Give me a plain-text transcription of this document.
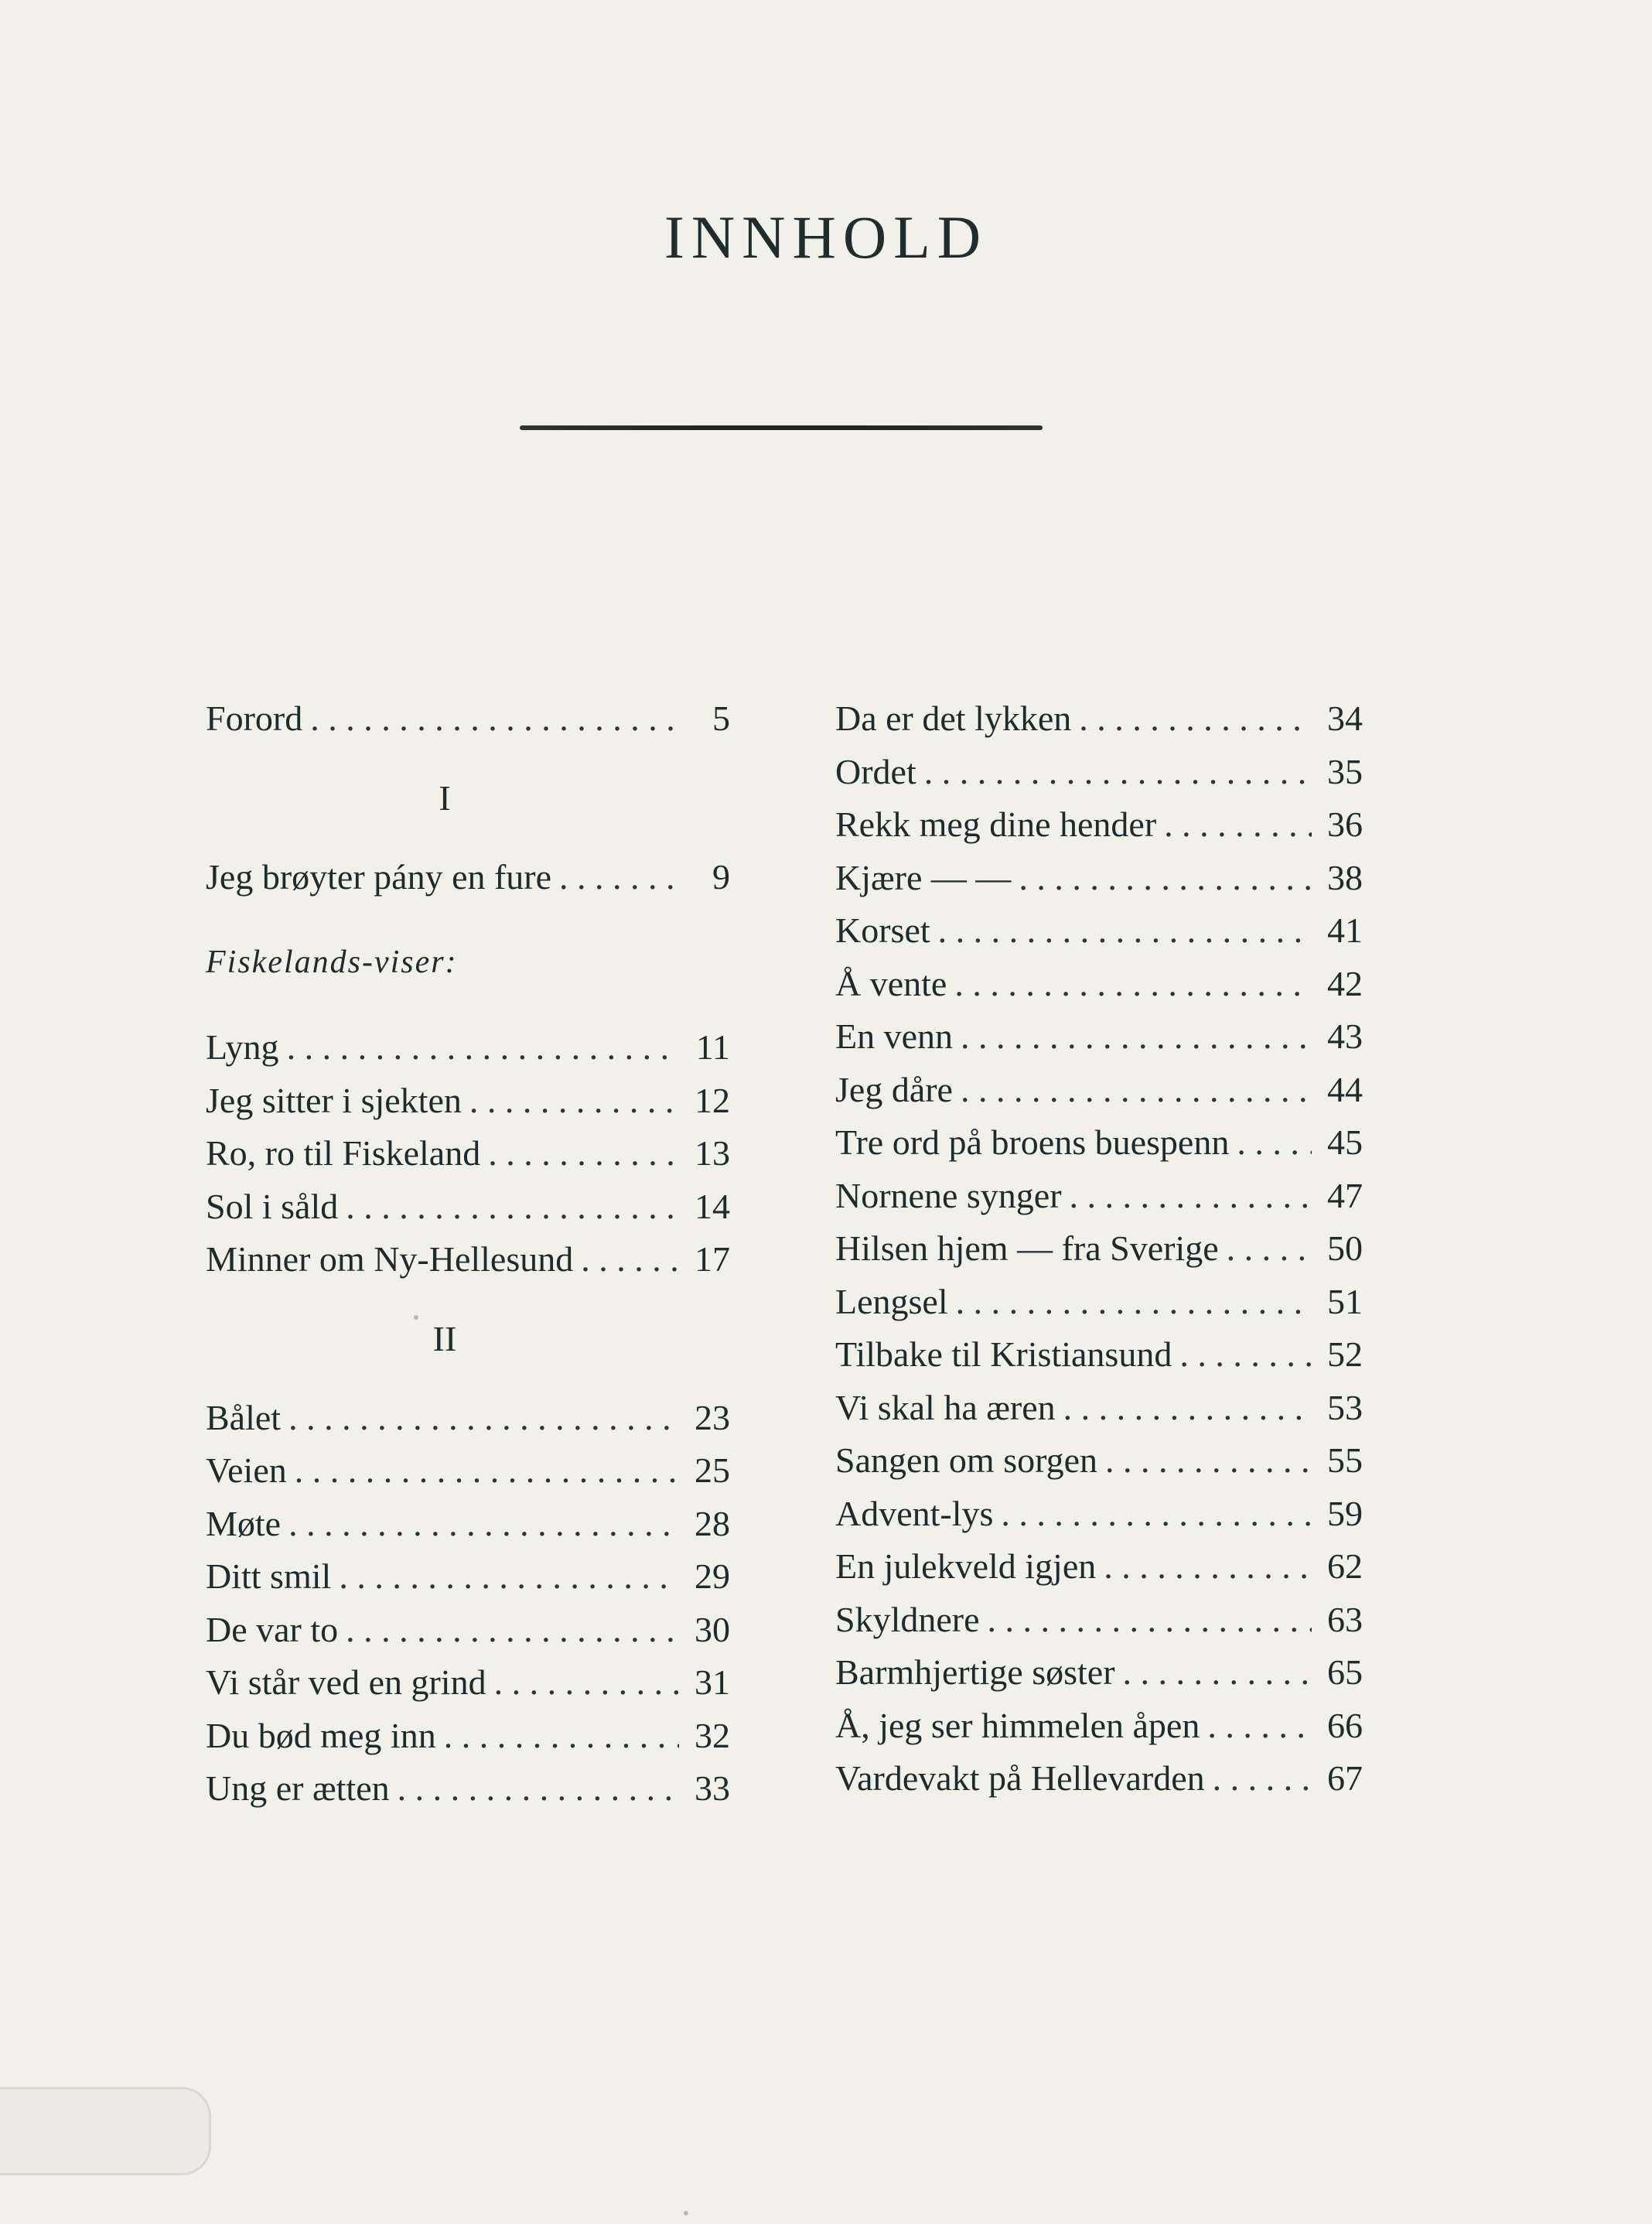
INNHOLD
Forord . . .	5
I
Jeg brøyter pány en fure . . .	9
Fiskelands-viser:
Lyng . . .	11
Jeg sitter i sjekten . . .	12
Ro, ro til Fiskeland . . .	13
Sol i såld . . .	14
Minner om Ny-Hellesund . . .	17
II
Bålet . . .	23
Veien . . .	25
Møte . . .	28
Ditt smil . . .	29
De var to . . .	30
Vi står ved en grind . . .	31
Du bød meg inn . . .	32
Ung er ætten . . .	33
Da er det lykken . . .	34
Ordet . . .	35
Rekk meg dine hender . . .	36
Kjære — — . . .	38
Korset . . .	41
Å vente . . .	42
En venn . . .	43
Jeg dåre . . .	44
Tre ord på broens buespenn . . .	45
Nornene synger . . .	47
Hilsen hjem — fra Sverige . . .	50
Lengsel . . .	51
Tilbake til Kristiansund . . .	52
Vi skal ha æren . . .	53
Sangen om sorgen . . .	55
Advent-lys . . .	59
En julekveld igjen . . .	62
Skyldnere . . .	63
Barmhjertige søster . . .	65
Å, jeg ser himmelen åpen . . .	66
Vardevakt på Hellevarden . . .	67
